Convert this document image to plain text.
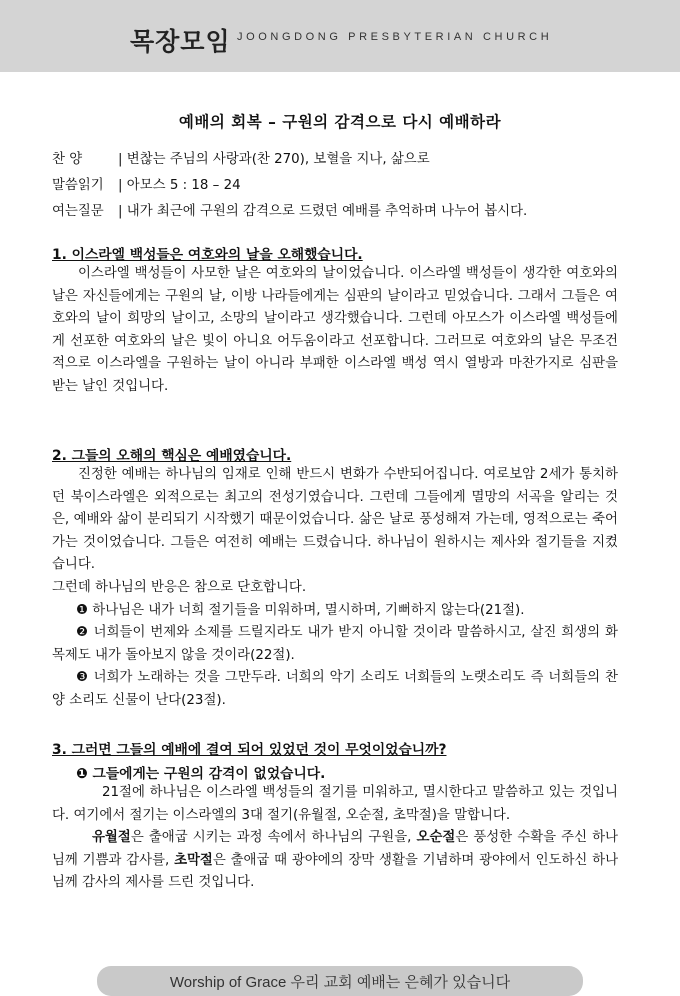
목장모임 JOONGDONG PRESBYTERIAN CHURCH
예배의 회복 – 구원의 감격으로 다시 예배하라
찬 양	| 변찮는 주님의 사랑과(찬 270), 보혈을 지나, 삶으로
말씀읽기 | 아모스 5 : 18 – 24
여는질문 | 내가 최근에 구원의 감격으로 드렸던 예배를 추억하며 나누어 봅시다.
1. 이스라엘 백성들은 여호와의 날을 오해했습니다.

이스라엘 백성들이 사모한 날은 여호와의 날이었습니다. 이스라엘 백성들이 생각한 여호와의 날은 자신들에게는 구원의 날, 이방 나라들에게는 심판의 날이라고 믿었습니다. 그래서 그들은 여호와의 날이 희망의 날이고, 소망의 날이라고 생각했습니다. 그런데 아모스가 이스라엘 백성들에게 선포한 여호와의 날은 빛이 아니요 어두움이라고 선포합니다. 그러므로 여호와의 날은 무조건적으로 이스라엘을 구원하는 날이 아니라 부패한 이스라엘 백성 역시 열방과 마찬가지로 심판을 받는 날인 것입니다.

2. 그들의 오해의 핵심은 예배였습니다.

진정한 예배는 하나님의 임재로 인해 반드시 변화가 수반되어집니다. 여로보암 2세가 통치하던 북이스라엘은 외적으로는 최고의 전성기였습니다. 그런데 그들에게 멸망의 서곡을 알리는 것은, 예배와 삶이 분리되기 시작했기 때문이었습니다. 삶은 날로 풍성해져 가는데, 영적으로는 죽어가는 것이었습니다. 그들은 여전히 예배는 드렸습니다. 하나님이 원하시는 제사와 절기들을 지켰습니다.

그런데 하나님의 반응은 참으로 단호합니다.

❶ 하나님은 내가 너희 절기들을 미워하며, 멸시하며, 기뻐하지 않는다(21절).

❷ 너희들이 번제와 소제를 드릴지라도 내가 받지 아니할 것이라 말씀하시고, 살진 희생의 화목제도 내가 돌아보지 않을 것이라(22절).

❸ 너희가 노래하는 것을 그만두라. 너희의 악기 소리도 너희들의 노랫소리도 즉 너희들의 찬양 소리도 신물이 난다(23절).

3. 그러면 그들의 예배에 결여 되어 있었던 것이 무엇이었습니까?
❶ 그들에게는 구원의 감격이 없었습니다.

21절에 하나님은 이스라엘 백성들의 절기를 미워하고, 멸시한다고 말씀하고 있는 것입니다. 여기에서 절기는 이스라엘의 3대 절기(유월절, 오순절, 초막절)을 말합니다.

유월절은 출애굽 시키는 과정 속에서 하나님의 구원을, 오순절은 풍성한 수확을 주신 하나님께 기쁨과 감사를, 초막절은 출애굽 때 광야에의 장막 생활을 기념하며 광야에서 인도하신 하나님께 감사의 제사를 드린 것입니다.

Worship of Grace 우리 교회 예배는 은혜가 있습니다
